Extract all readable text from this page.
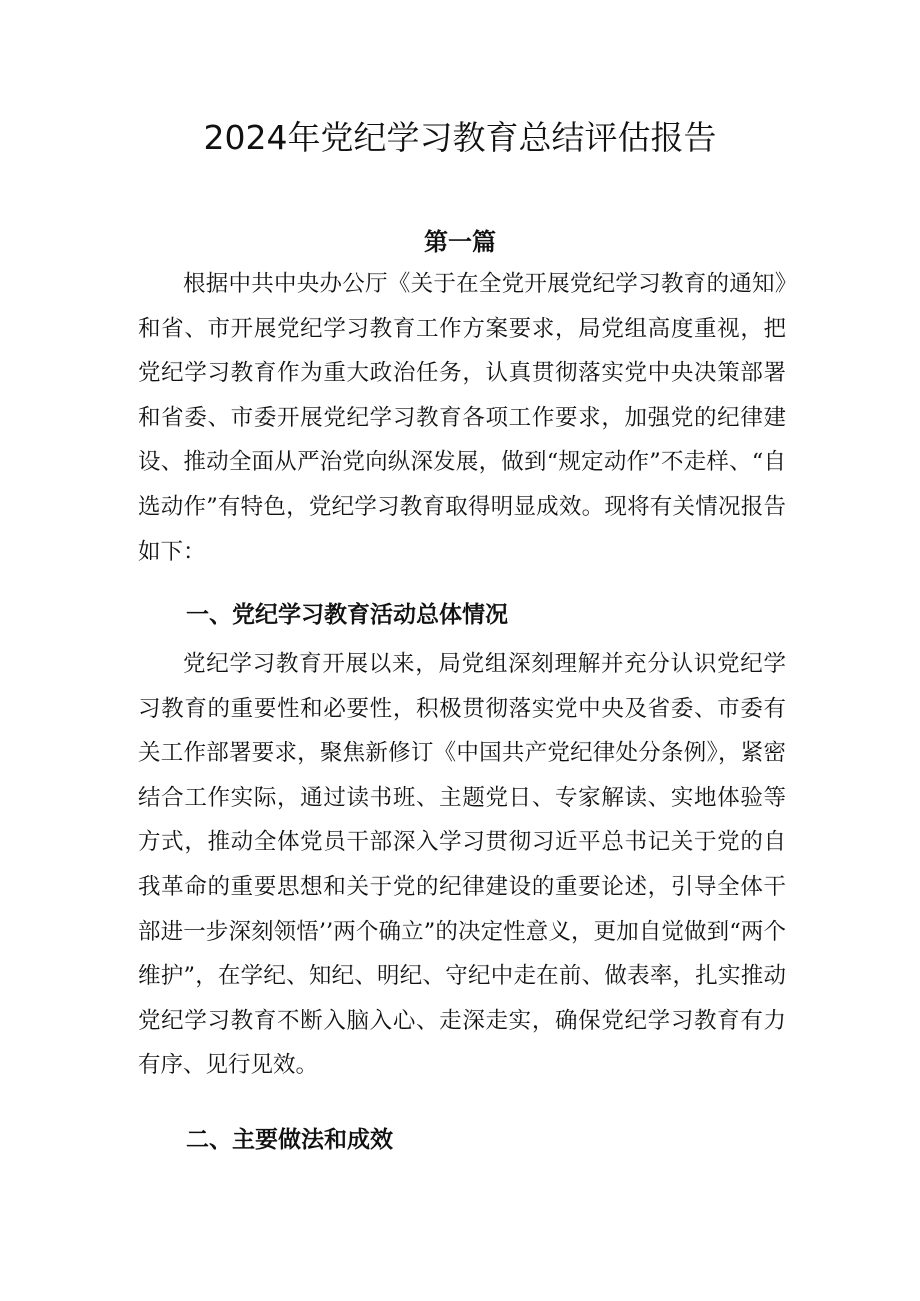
2024年党纪学习教育总结评估报告
第一篇

根据中共中央办公厅《关于在全党开展党纪学习教育的通知》和省、市开展党纪学习教育工作方案要求，局党组高度重视，把党纪学习教育作为重大政治任务，认真贯彻落实党中央决策部署和省委、市委开展党纪学习教育各项工作要求，加强党的纪律建设、推动全面从严治党向纵深发展，做到“规定动作”不走样、“自选动作”有特色，党纪学习教育取得明显成效。现将有关情况报告如下：

一、党纪学习教育活动总体情况

党纪学习教育开展以来，局党组深刻理解并充分认识党纪学习教育的重要性和必要性，积极贯彻落实党中央及省委、市委有关工作部署要求，聚焦新修订《中国共产党纪律处分条例》，紧密结合工作实际，通过读书班、主题党日、专家解读、实地体验等方式，推动全体党员干部深入学习贯彻习近平总书记关于党的自我革命的重要思想和关于党的纪律建设的重要论述，引导全体干部进一步深刻领悟’’两个确立”的决定性意义，更加自觉做到“两个维护”，在学纪、知纪、明纪、守纪中走在前、做表率，扎实推动党纪学习教育不断入脑入心、走深走实，确保党纪学习教育有力有序、见行见效。

二、主要做法和成效
